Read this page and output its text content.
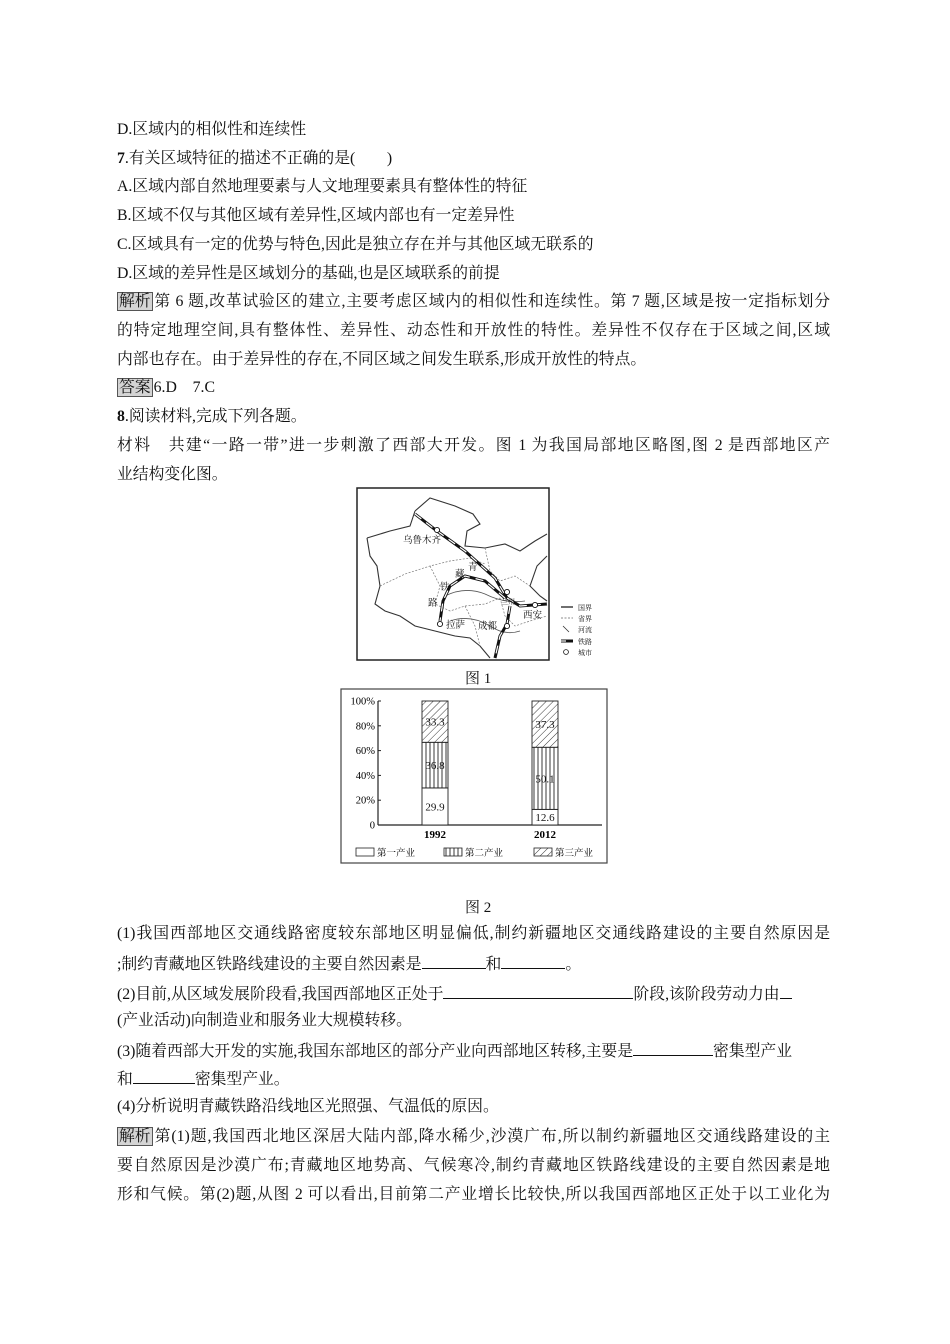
D.区域内的相似性和连续性
7.有关区域特征的描述不正确的是(　　)
A.区域内部自然地理要素与人文地理要素具有整体性的特征
B.区域不仅与其他区域有差异性,区域内部也有一定差异性
C.区域具有一定的优势与特色,因此是独立存在并与其他区域无联系的
D.区域的差异性是区域划分的基础,也是区域联系的前提
解析 第 6 题,改革试验区的建立,主要考虑区域内的相似性和连续性。第 7 题,区域是按一定指标划分
的特定地理空间,具有整体性、差异性、动态性和开放性的特性。差异性不仅存在于区域之间,区域
内部也存在。由于差异性的存在,不同区域之间发生联系,形成开放性的特点。
答案 6.D　7.C
8.阅读材料,完成下列各题。
材料　 共建“一路一带”进一步刺激了西部大开发。图 1 为我国局部地区略图,图 2 是西部地区产
业结构变化图。
乌鲁木齐
拉萨 成都
西安
兰州
青
藏
铁
路	国界
省界
河流
铁路
城市
图 1
0
20%
40%
60%
80%
100%
29.9
36.8
33.3
1992
12.6
50.1
37.3
2012
第一产业	第二产业	第三产业
图 2
(1)我国西部地区交通线路密度较东部地区明显偏低,制约新疆地区交通线路建设的主要自然原因是
;制约青藏地区铁路线建设的主要自然因素是	和	。
(2)目前,从区域发展阶段看,我国西部地区正处于	阶段,该阶段劳动力由
(产业活动)向制造业和服务业大规模转移。
(3)随着西部大开发的实施,我国东部地区的部分产业向西部地区转移,主要是	密集型产业
和	密集型产业。
(4)分析说明青藏铁路沿线地区光照强、气温低的原因。
解析 第(1)题,我国西北地区深居大陆内部,降水稀少,沙漠广布,所以制约新疆地区交通线路建设的主
要自然原因是沙漠广布;青藏地区地势高、气候寒冷,制约青藏地区铁路线建设的主要自然因素是地
形和气候。第(2)题,从图 2 可以看出,目前第二产业增长比较快,所以我国西部地区正处于以工业化为
